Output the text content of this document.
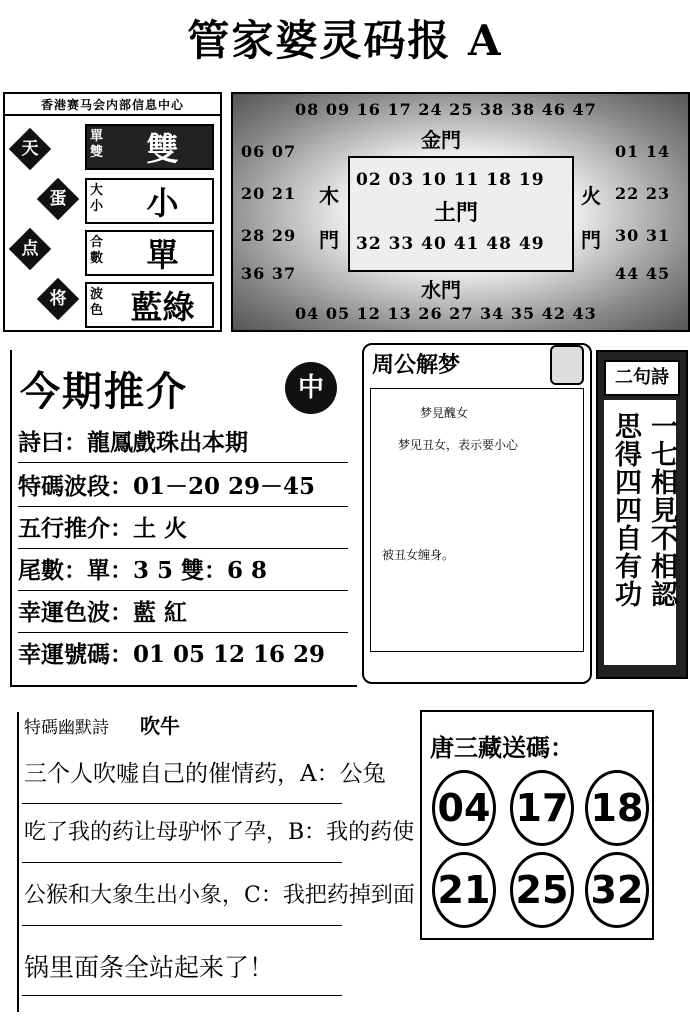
管家婆灵码报 A
香港赛马会内部信息中心
天
蛋
点
将
單雙	雙
大小	小
合數	單
波色 藍綠
08 09 16 17 24 25 38 38 46 47
金門
06 07
20 21
28 29
36 37
木
門
02 03 10 11 18 19
土門
32 33 40 41 48 49
火
門
01 14
22 23
30 31
44 45
水門
04 05 12 13 26 27 34 35 42 43
今期推介	中
詩曰：龍鳳戲珠出本期
特碼波段：01－20 29－45
五行推介：土 火
尾數：單：3 5 雙：6 8
幸運色波：藍 紅
幸運號碼：01 05 12 16 29
周公解梦
梦見醜女
梦见丑女，表示要小心
被丑女缠身。
二句詩
一七相見不相認
思得四四自有功
特碼幽默詩 吹牛
三个人吹嘘自己的催情药，A：公兔
吃了我的药让母驴怀了孕，B：我的药使
公猴和大象生出小象，C：我把药掉到面
锅里面条全站起来了！
唐三藏送碼：
04 17 18
21 25 32
